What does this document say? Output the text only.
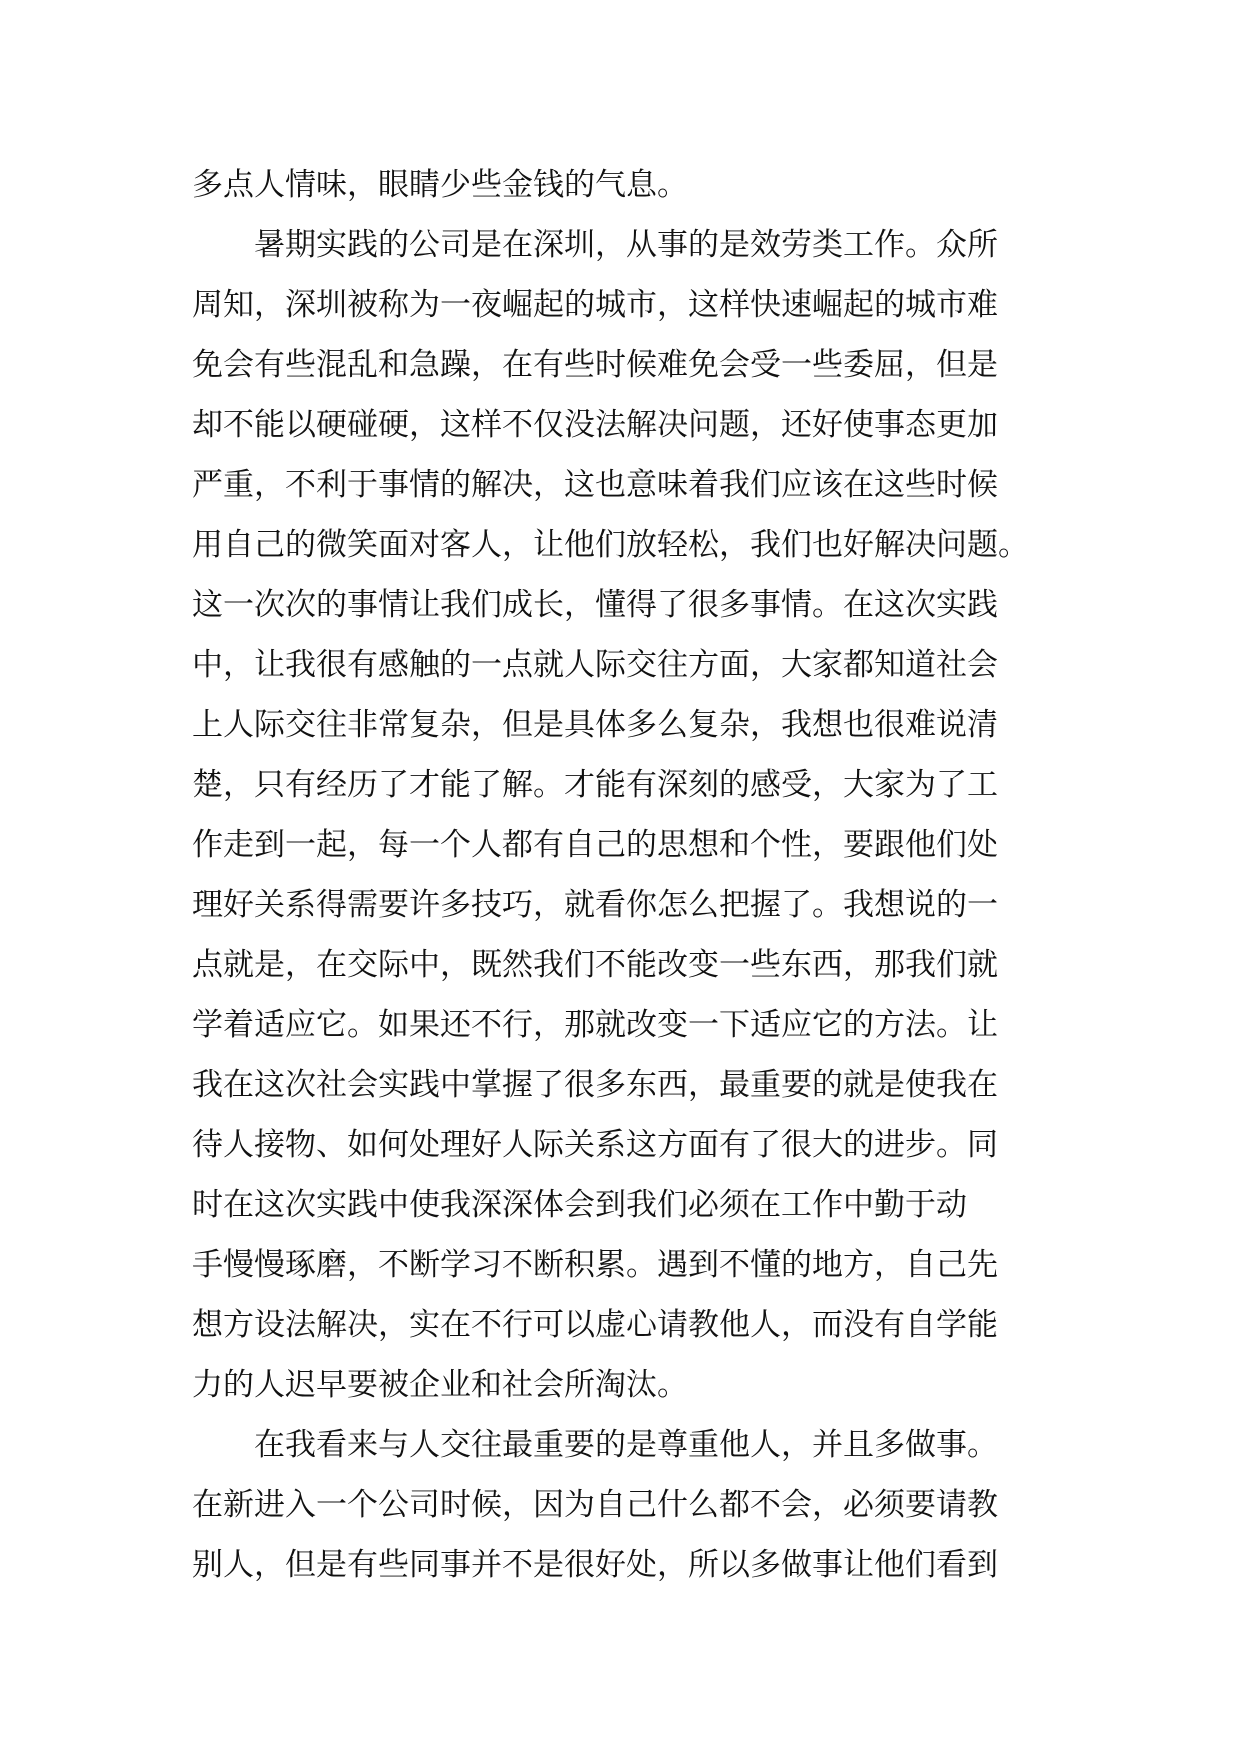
多点人情味，眼睛少些金钱的气息。
暑期实践的公司是在深圳，从事的是效劳类工作。众所
周知，深圳被称为一夜崛起的城市，这样快速崛起的城市难
免会有些混乱和急躁，在有些时候难免会受一些委屈，但是
却不能以硬碰硬，这样不仅没法解决问题，还好使事态更加
严重，不利于事情的解决，这也意味着我们应该在这些时候
用自己的微笑面对客人，让他们放轻松，我们也好解决问题。
这一次次的事情让我们成长，懂得了很多事情。在这次实践
中，让我很有感触的一点就人际交往方面，大家都知道社会
上人际交往非常复杂，但是具体多么复杂，我想也很难说清
楚，只有经历了才能了解。才能有深刻的感受，大家为了工
作走到一起，每一个人都有自己的思想和个性，要跟他们处
理好关系得需要许多技巧，就看你怎么把握了。我想说的一
点就是，在交际中，既然我们不能改变一些东西，那我们就
学着适应它。如果还不行，那就改变一下适应它的方法。让
我在这次社会实践中掌握了很多东西，最重要的就是使我在
待人接物、如何处理好人际关系这方面有了很大的进步。同
时在这次实践中使我深深体会到我们必须在工作中勤于动
手慢慢琢磨，不断学习不断积累。遇到不懂的地方，自己先
想方设法解决，实在不行可以虚心请教他人，而没有自学能
力的人迟早要被企业和社会所淘汰。
在我看来与人交往最重要的是尊重他人，并且多做事。
在新进入一个公司时候，因为自己什么都不会，必须要请教
别人，但是有些同事并不是很好处，所以多做事让他们看到
